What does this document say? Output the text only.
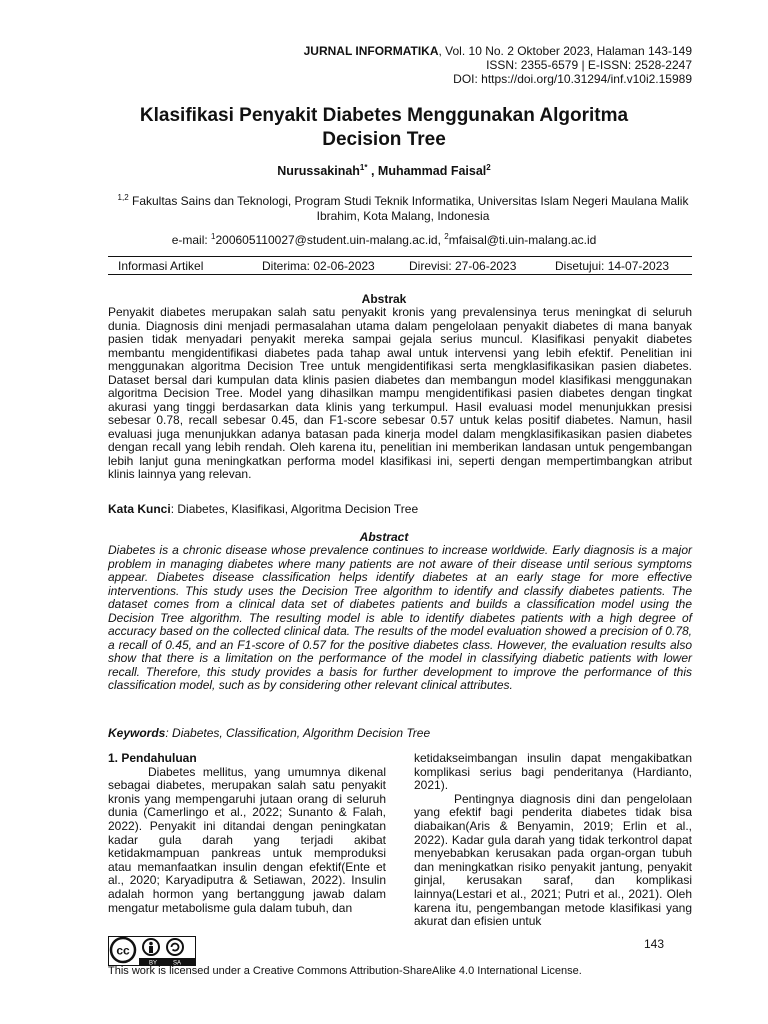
JURNAL INFORMATIKA, Vol. 10 No. 2 Oktober 2023, Halaman 143-149
ISSN: 2355-6579 | E-ISSN: 2528-2247
DOI: https://doi.org/10.31294/inf.v10i2.15989
Klasifikasi Penyakit Diabetes Menggunakan Algoritma
Decision Tree
Nurussakinah$^{1*}$ , Muhammad Faisal$^2$
$^{1,2}$ Fakultas Sains dan Teknologi, Program Studi Teknik Informatika, Universitas Islam Negeri Maulana Malik Ibrahim, Kota Malang, Indonesia
e-mail: $^1$200605110027@student.uin-malang.ac.id, $^2$mfaisal@ti.uin-malang.ac.id
Informasi Artikel	Diterima: 02-06-2023	Direvisi: 27-06-2023	Disetujui: 14-07-2023
Abstrak
Penyakit diabetes merupakan salah satu penyakit kronis yang prevalensinya terus meningkat di seluruh dunia. Diagnosis dini menjadi permasalahan utama dalam pengelolaan penyakit diabetes di mana banyak pasien tidak menyadari penyakit mereka sampai gejala serius muncul. Klasifikasi penyakit diabetes membantu mengidentifikasi diabetes pada tahap awal untuk intervensi yang lebih efektif. Penelitian ini menggunakan algoritma Decision Tree untuk mengidentifikasi serta mengklasifikasikan pasien diabetes. Dataset bersal dari kumpulan data klinis pasien diabetes dan membangun model klasifikasi menggunakan algoritma Decision Tree. Model yang dihasilkan mampu mengidentifikasi pasien diabetes dengan tingkat akurasi yang tinggi berdasarkan data klinis yang terkumpul. Hasil evaluasi model menunjukkan presisi sebesar 0.78, recall sebesar 0.45, dan F1-score sebesar 0.57 untuk kelas positif diabetes. Namun, hasil evaluasi juga menunjukkan adanya batasan pada kinerja model dalam mengklasifikasikan pasien diabetes dengan recall yang lebih rendah. Oleh karena itu, penelitian ini memberikan landasan untuk pengembangan lebih lanjut guna meningkatkan performa model klasifikasi ini, seperti dengan mempertimbangkan atribut klinis lainnya yang relevan.
Kata Kunci: Diabetes, Klasifikasi, Algoritma Decision Tree
Abstract
Diabetes is a chronic disease whose prevalence continues to increase worldwide. Early diagnosis is a major problem in managing diabetes where many patients are not aware of their disease until serious symptoms appear. Diabetes disease classification helps identify diabetes at an early stage for more effective interventions. This study uses the Decision Tree algorithm to identify and classify diabetes patients. The dataset comes from a clinical data set of diabetes patients and builds a classification model using the Decision Tree algorithm. The resulting model is able to identify diabetes patients with a high degree of accuracy based on the collected clinical data. The results of the model evaluation showed a precision of 0.78, a recall of 0.45, and an F1-score of 0.57 for the positive diabetes class. However, the evaluation results also show that there is a limitation on the performance of the model in classifying diabetic patients with lower recall. Therefore, this study provides a basis for further development to improve the performance of this classification model, such as by considering other relevant clinical attributes.
Keywords: Diabetes, Classification, Algorithm Decision Tree

1. Pendahuluan

Diabetes mellitus, yang umumnya dikenal sebagai diabetes, merupakan salah satu penyakit kronis yang mempengaruhi jutaan orang di seluruh dunia (Camerlingo et al., 2022; Sunanto & Falah, 2022). Penyakit ini ditandai dengan peningkatan kadar gula darah yang terjadi akibat ketidakmampuan pankreas untuk memproduksi atau memanfaatkan insulin dengan efektif(Ente et al., 2020; Karyadiputra & Setiawan, 2022). Insulin adalah hormon yang bertanggung jawab dalam mengatur metabolisme gula dalam tubuh, dan

ketidakseimbangan insulin dapat mengakibatkan komplikasi serius bagi penderitanya (Hardianto, 2021).

Pentingnya diagnosis dini dan pengelolaan yang efektif bagi penderita diabetes tidak bisa diabaikan(Aris & Benyamin, 2019; Erlin et al., 2022). Kadar gula darah yang tidak terkontrol dapat menyebabkan kerusakan pada organ-organ tubuh dan meningkatkan risiko penyakit jantung, penyakit ginjal, kerusakan saraf, dan komplikasi lainnya(Lestari et al., 2021; Putri et al., 2021). Oleh karena itu, pengembangan metode klasifikasi yang akurat dan efisien untuk

cc
BY	SA
143
This work is licensed under a Creative Commons Attribution-ShareAlike 4.0 International License.
